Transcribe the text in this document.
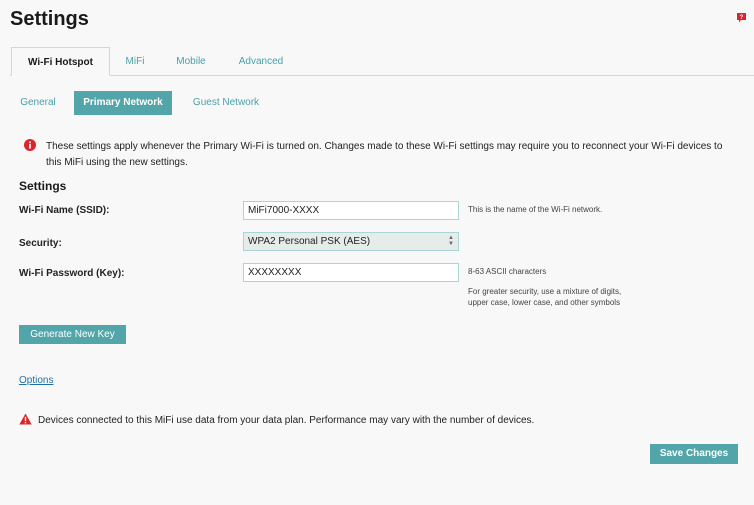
Settings	?
Wi-Fi Hotspot	MiFi	Mobile	Advanced
General	Primary Network	Guest Network
These settings apply whenever the Primary Wi-Fi is turned on. Changes made to these Wi-Fi settings may require you to reconnect your Wi-Fi devices to this MiFi using the new settings.
Settings
Wi-Fi Name (SSID):
MiFi7000-XXXX	This is the name of the Wi-Fi network.
Security:	WPA2 Personal PSK (AES)	▲
▼
Wi-Fi Password (Key):
XXXXXXXX	8-63 ASCII characters
For greater security, use a mixture of digits,
upper case, lower case, and other symbols
Generate New Key
Options
Devices connected to this MiFi use data from your data plan. Performance may vary with the number of devices.
Save Changes
